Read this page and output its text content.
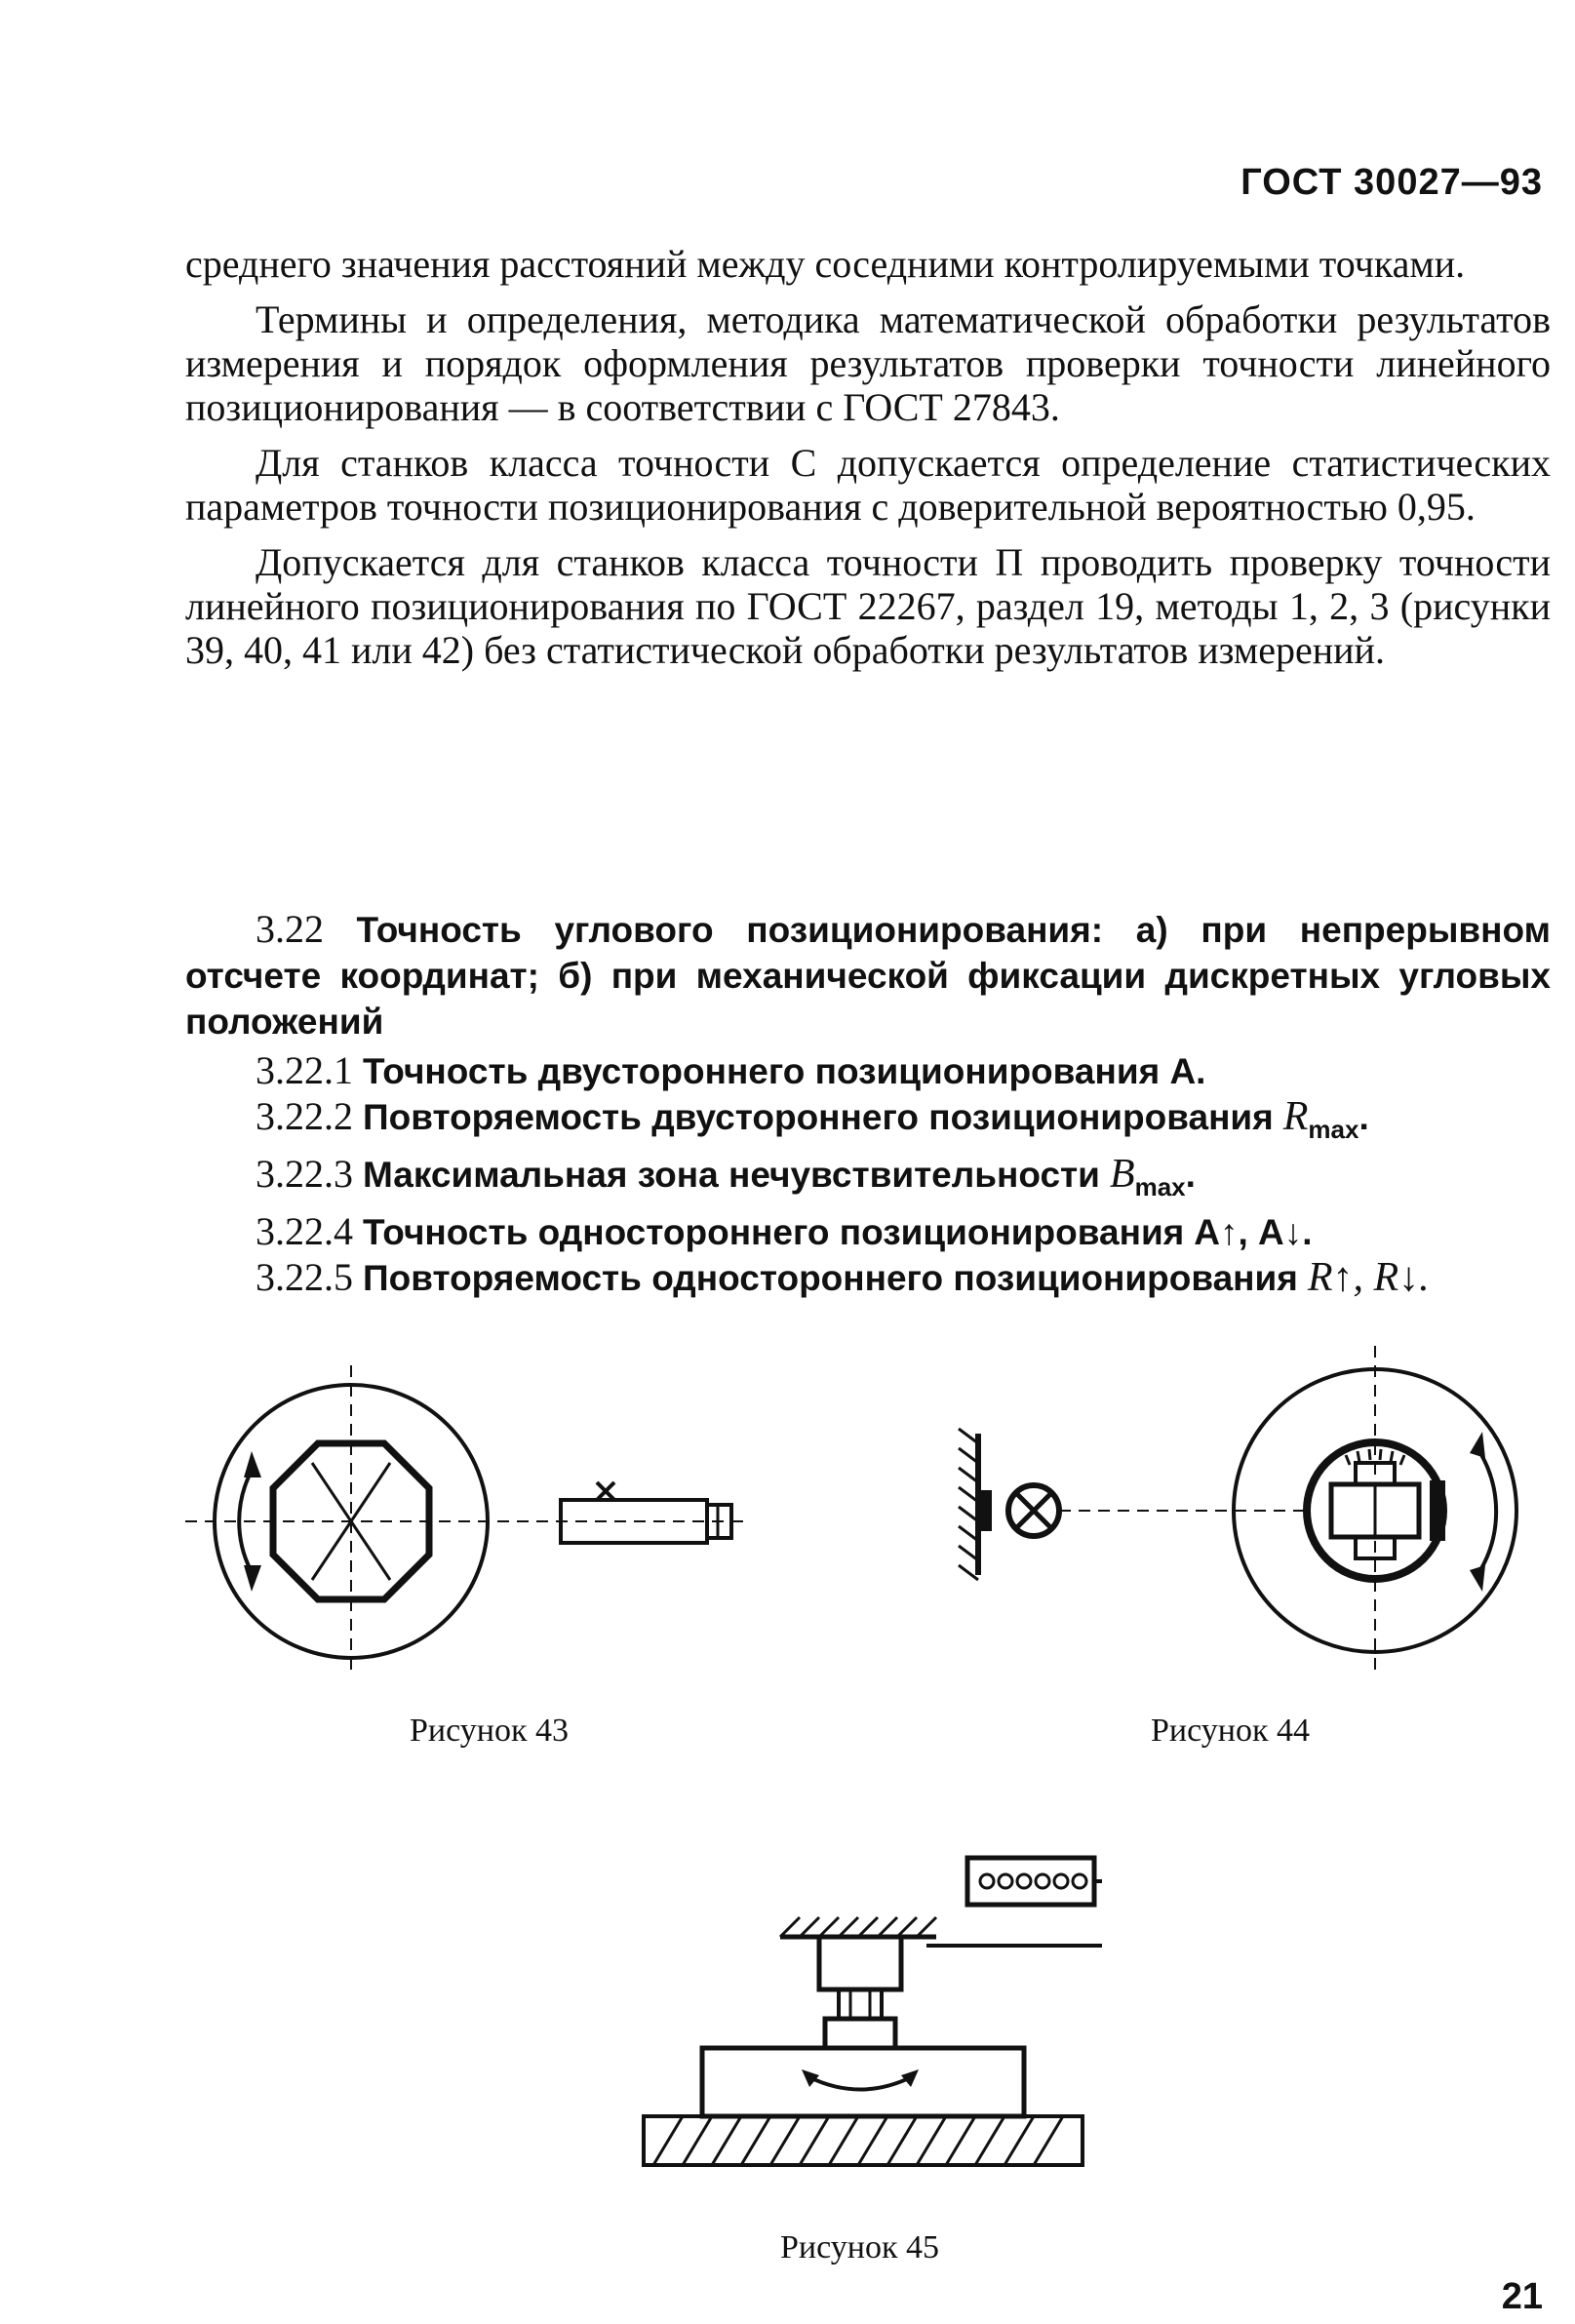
ГОСТ 30027—93

среднего значения расстояний между соседними контролируемыми точками.

Термины и определения, методика математической обработки результатов измерения и порядок оформления результатов проверки точности линейного позиционирования — в соответствии с ГОСТ 27843.

Для станков класса точности С допускается определение статистических параметров точности позиционирования с доверительной вероятностью 0,95.

Допускается для станков класса точности П проводить проверку точности линейного позиционирования по ГОСТ 22267, раздел 19, методы 1, 2, 3 (рисунки 39, 40, 41 или 42) без статистической обработки результатов измерений.

3.22 Точность углового позиционирования: а) при непрерывном отсчете координат; б) при механической фиксации дискретных угловых положений

3.22.1 Точность двустороннего позиционирования А.

3.22.2 Повторяемость двустороннего позиционирования $R_{max}$.

3.22.3 Максимальная зона нечувствительности $B_{max}$.

3.22.4 Точность одностороннего позиционирования А↑, А↓.

3.22.5 Повторяемость одностороннего позиционирования R↑, R↓.

Рисунок 43	Рисунок 44
Рисунок 45
21
